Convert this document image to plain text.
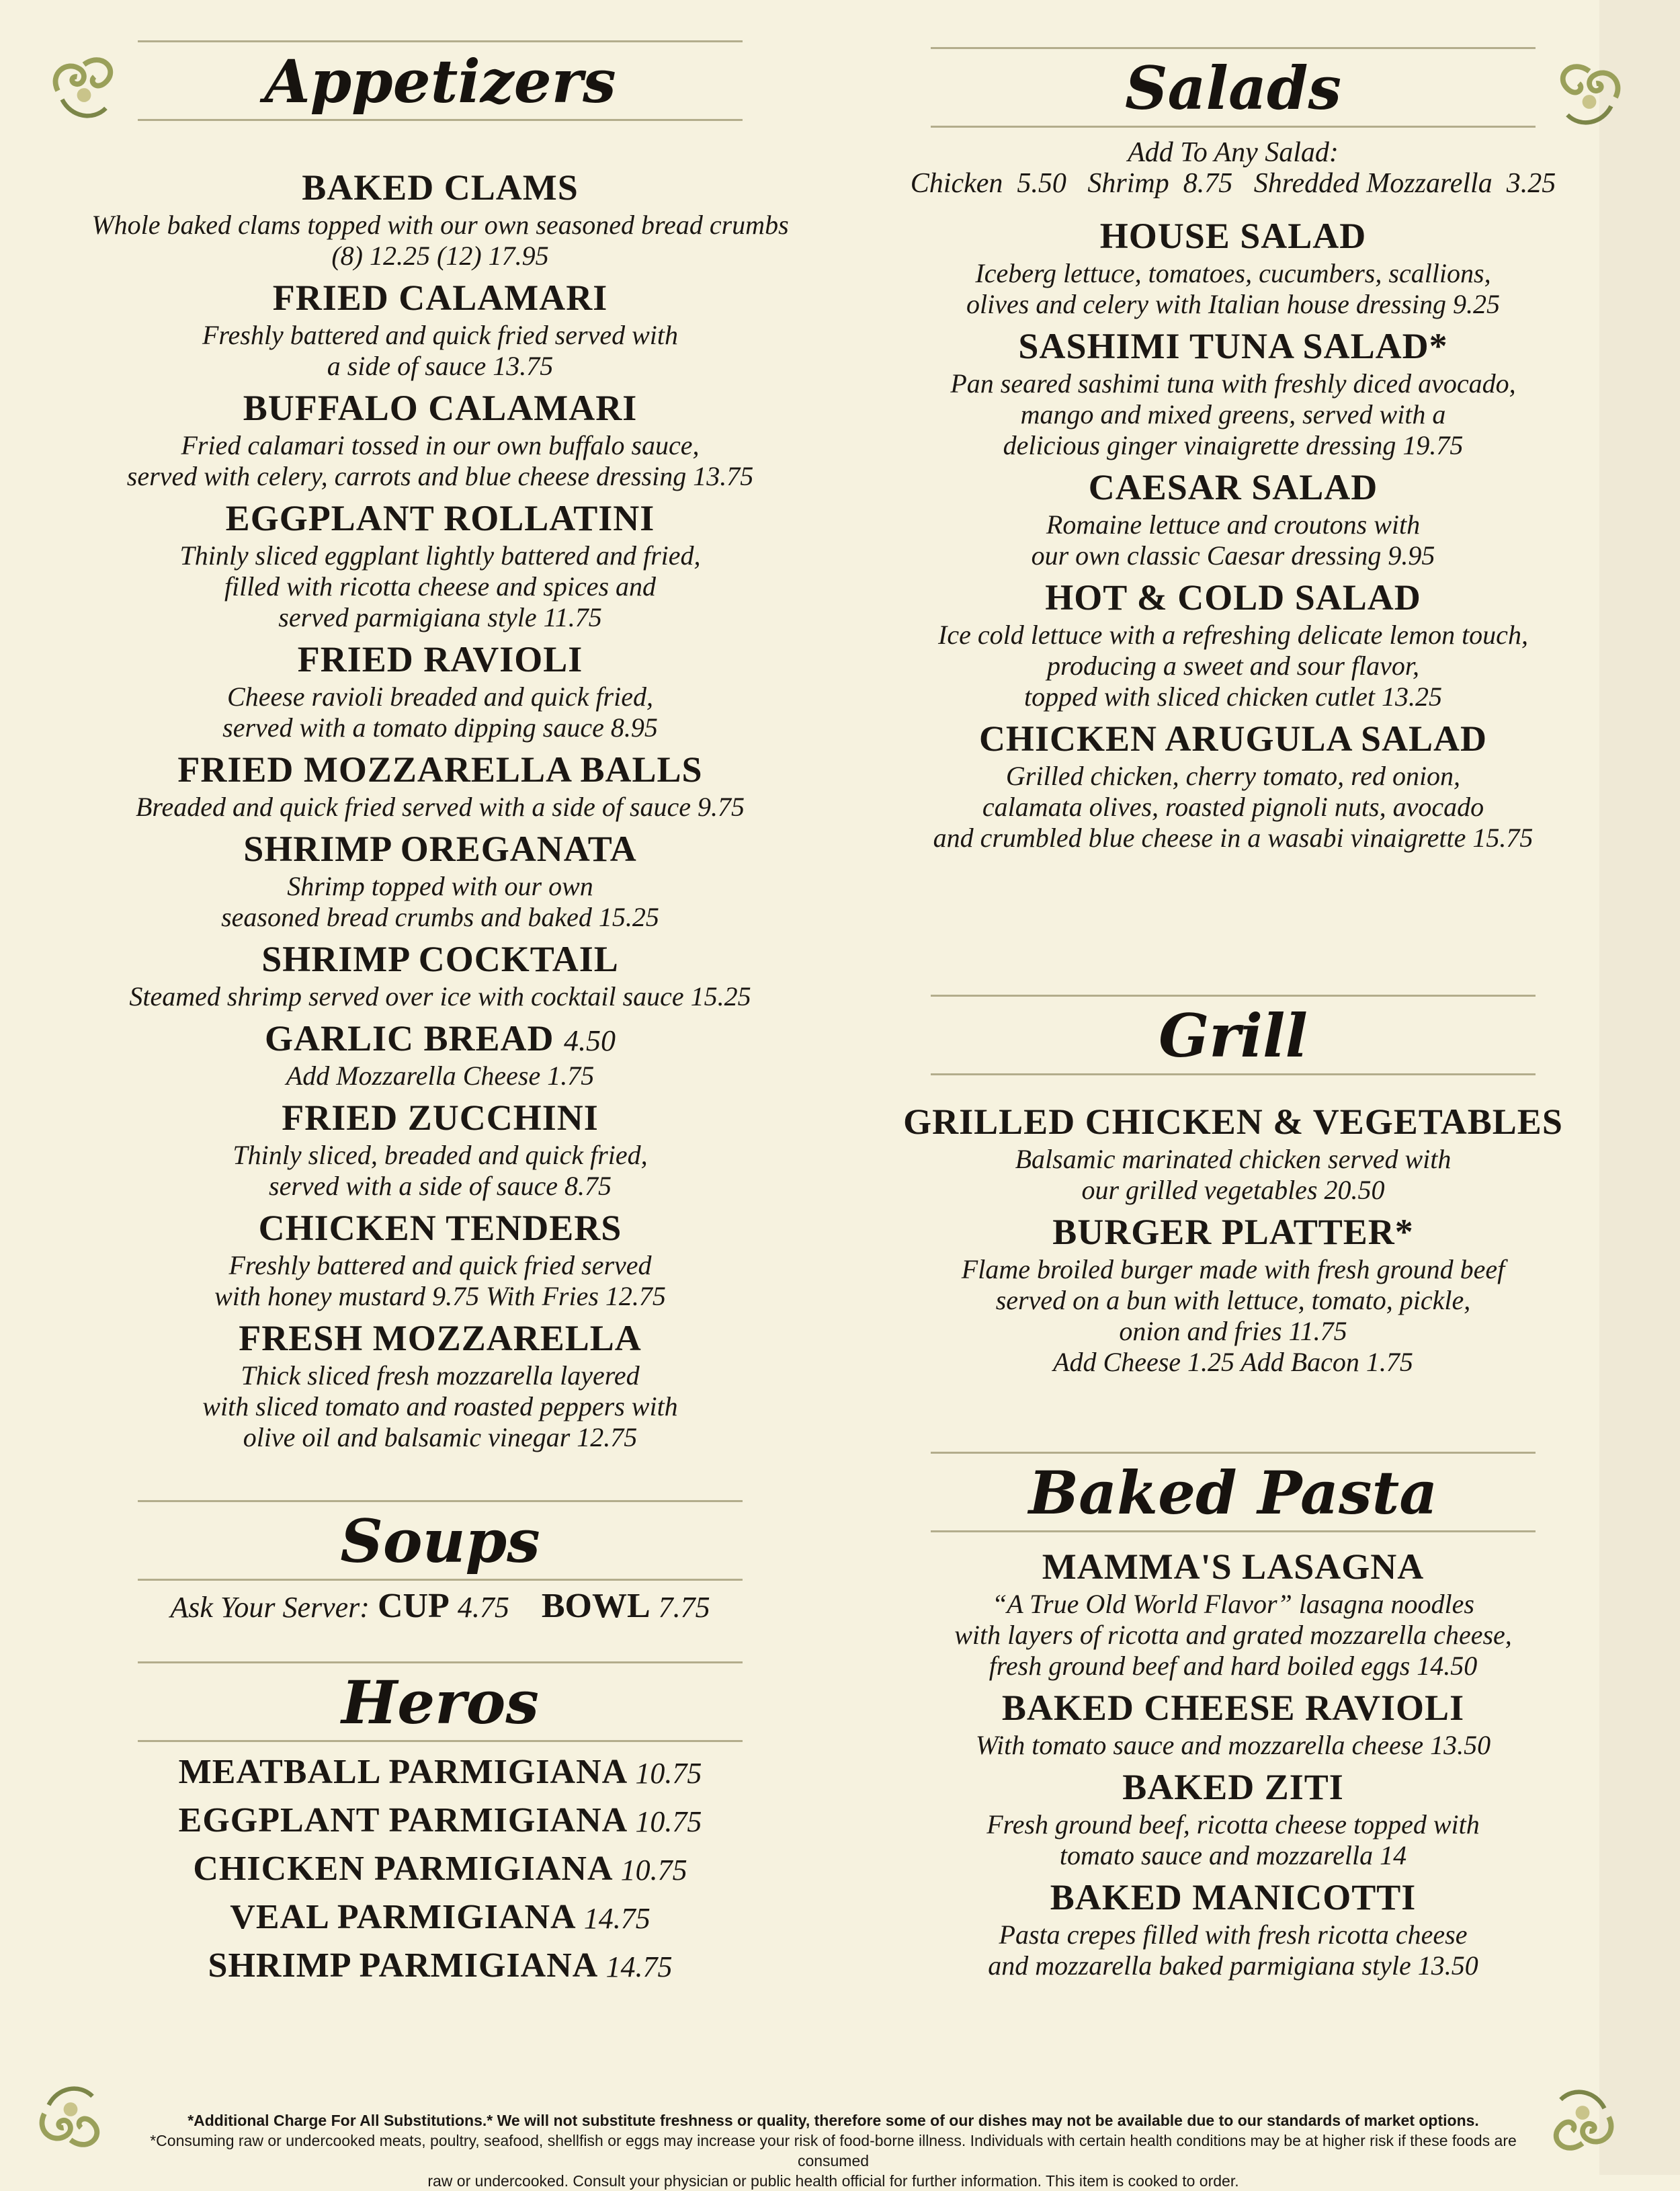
Appetizers
BAKED CLAMS
Whole baked clams topped with our own seasoned bread crumbs
(8) 12.25 (12) 17.95
FRIED CALAMARI
Freshly battered and quick fried served with
a side of sauce 13.75
BUFFALO CALAMARI
Fried calamari tossed in our own buffalo sauce,
served with celery, carrots and blue cheese dressing 13.75
EGGPLANT ROLLATINI
Thinly sliced eggplant lightly battered and fried,
filled with ricotta cheese and spices and
served parmigiana style 11.75
FRIED RAVIOLI
Cheese ravioli breaded and quick fried,
served with a tomato dipping sauce 8.95
FRIED MOZZARELLA BALLS
Breaded and quick fried served with a side of sauce 9.75
SHRIMP OREGANATA
Shrimp topped with our own
seasoned bread crumbs and baked 15.25
SHRIMP COCKTAIL
Steamed shrimp served over ice with cocktail sauce 15.25
GARLIC BREAD 4.50
Add Mozzarella Cheese 1.75
FRIED ZUCCHINI
Thinly sliced, breaded and quick fried,
served with a side of sauce 8.75
CHICKEN TENDERS
Freshly battered and quick fried served
with honey mustard 9.75 With Fries 12.75
FRESH MOZZARELLA
Thick sliced fresh mozzarella layered
with sliced tomato and roasted peppers with
olive oil and balsamic vinegar 12.75
Soups
Ask Your Server: CUP 4.75 BOWL 7.75
Heros
MEATBALL PARMIGIANA 10.75
EGGPLANT PARMIGIANA 10.75
CHICKEN PARMIGIANA 10.75
VEAL PARMIGIANA 14.75
SHRIMP PARMIGIANA 14.75
Salads
Add To Any Salad:
Chicken  5.50   Shrimp  8.75   Shredded Mozzarella  3.25
HOUSE SALAD
Iceberg lettuce, tomatoes, cucumbers, scallions,
olives and celery with Italian house dressing 9.25
SASHIMI TUNA SALAD*
Pan seared sashimi tuna with freshly diced avocado,
mango and mixed greens, served with a
delicious ginger vinaigrette dressing 19.75
CAESAR SALAD
Romaine lettuce and croutons with
our own classic Caesar dressing 9.95
HOT & COLD SALAD
Ice cold lettuce with a refreshing delicate lemon touch,
producing a sweet and sour flavor,
topped with sliced chicken cutlet 13.25
CHICKEN ARUGULA SALAD
Grilled chicken, cherry tomato, red onion,
calamata olives, roasted pignoli nuts, avocado
and crumbled blue cheese in a wasabi vinaigrette 15.75
Grill
GRILLED CHICKEN & VEGETABLES
Balsamic marinated chicken served with
our grilled vegetables 20.50
BURGER PLATTER*
Flame broiled burger made with fresh ground beef
served on a bun with lettuce, tomato, pickle,
onion and fries 11.75
Add Cheese 1.25 Add Bacon 1.75
Baked Pasta
MAMMA'S LASAGNA
“A True Old World Flavor” lasagna noodles
with layers of ricotta and grated mozzarella cheese,
fresh ground beef and hard boiled eggs 14.50
BAKED CHEESE RAVIOLI
With tomato sauce and mozzarella cheese 13.50
BAKED ZITI
Fresh ground beef, ricotta cheese topped with
tomato sauce and mozzarella 14
BAKED MANICOTTI
Pasta crepes filled with fresh ricotta cheese
and mozzarella baked parmigiana style 13.50
*Additional Charge For All Substitutions.* We will not substitute freshness or quality, therefore some of our dishes may not be available due to our standards of market options.
*Consuming raw or undercooked meats, poultry, seafood, shellfish or eggs may increase your risk of food-borne illness. Individuals with certain health conditions may be at higher risk if these foods are consumed
raw or undercooked. Consult your physician or public health official for further information. This item is cooked to order.
